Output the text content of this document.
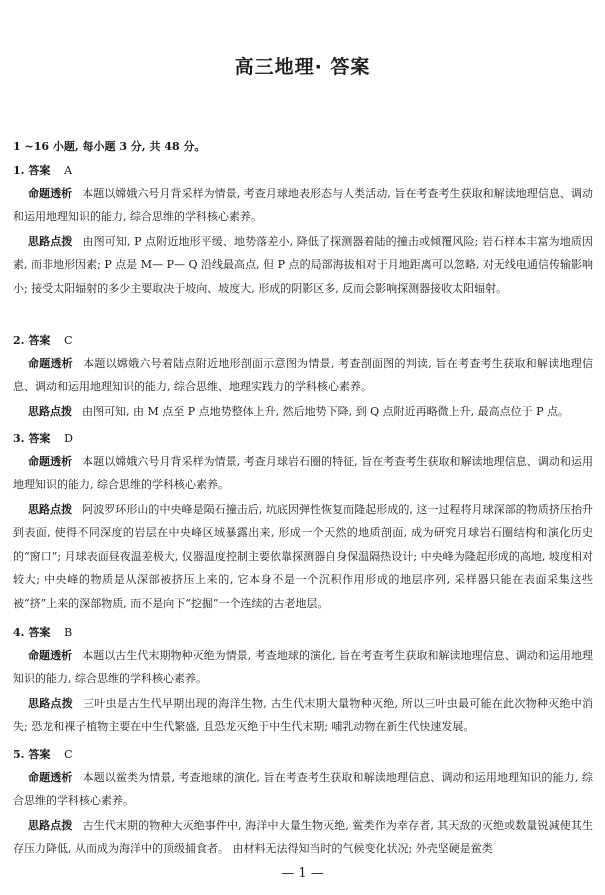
高三地理· 答案
1 ~16 小题, 每小题 3 分, 共 48 分。
1. 答案 A
命题透析 本题以嫦娥六号月背采样为情景, 考查月球地表形态与人类活动, 旨在考查考生获取和解读地理信息、调动和运用地理知识的能力, 综合思维的学科核心素养。
思路点拨 由图可知, P 点附近地形平缓、地势落差小, 降低了探测器着陆的撞击或倾覆风险; 岩石样本丰富为地质因素, 而非地形因素; P 点是 M— P— Q 沿线最高点, 但 P 点的局部海拔相对于月地距离可以忽略, 对无线电通信传输影响小; 接受太阳辐射的多少主要取决于坡向、坡度大, 形成的阴影区多, 反而会影响探测器接收太阳辐射。
2. 答案 C
命题透析 本题以嫦娥六号着陆点附近地形剖面示意图为情景, 考查剖面图的判读, 旨在考查考生获取和解读地理信息、调动和运用地理知识的能力, 综合思维、地理实践力的学科核心素养。
思路点拨 由图可知, 由 M 点至 P 点地势整体上升, 然后地势下降, 到 Q 点附近再略微上升, 最高点位于 P 点。
3. 答案 D
命题透析 本题以嫦娥六号月背采样为情景, 考查月球岩石圈的特征, 旨在考查考生获取和解读地理信息、调动和运用地理知识的能力, 综合思维的学科核心素养。
思路点拨 阿波罗环形山的中央峰是陨石撞击后, 坑底因弹性恢复而隆起形成的, 这一过程将月球深部的物质挤压抬升到表面, 使得不同深度的岩层在中央峰区域暴露出来, 形成一个天然的地质剖面, 成为研究月球岩石圈结构和演化历史的“窗口”; 月球表面昼夜温差极大, 仪器温度控制主要依靠探测器自身保温隔热设计; 中央峰为隆起形成的高地, 坡度相对较大; 中央峰的物质是从深部被挤压上来的, 它本身不是一个沉积作用形成的地层序列, 采样器只能在表面采集这些被“挤”上来的深部物质, 而不是向下“挖掘”一个连续的古老地层。
4. 答案 B
命题透析 本题以古生代末期物种灭绝为情景, 考查地球的演化, 旨在考查考生获取和解读地理信息、调动和运用地理知识的能力, 综合思维的学科核心素养。
思路点拨 三叶虫是古生代早期出现的海洋生物, 古生代末期大量物种灭绝, 所以三叶虫最可能在此次物种灭绝中消失; 恐龙和裸子植物主要在中生代繁盛, 且恐龙灭绝于中生代末期; 哺乳动物在新生代快速发展。
5. 答案 C
命题透析 本题以鲎类为情景, 考查地球的演化, 旨在考查考生获取和解读地理信息、调动和运用地理知识的能力, 综合思维的学科核心素养。
思路点拨 古生代末期的物种大灭绝事件中, 海洋中大量生物灭绝, 鲎类作为幸存者, 其天敌的灭绝或数量锐减使其生存压力降低, 从而成为海洋中的顶级捕食者。 由材料无法得知当时的气候变化状况; 外壳坚硬是鲎类
— 1 —
